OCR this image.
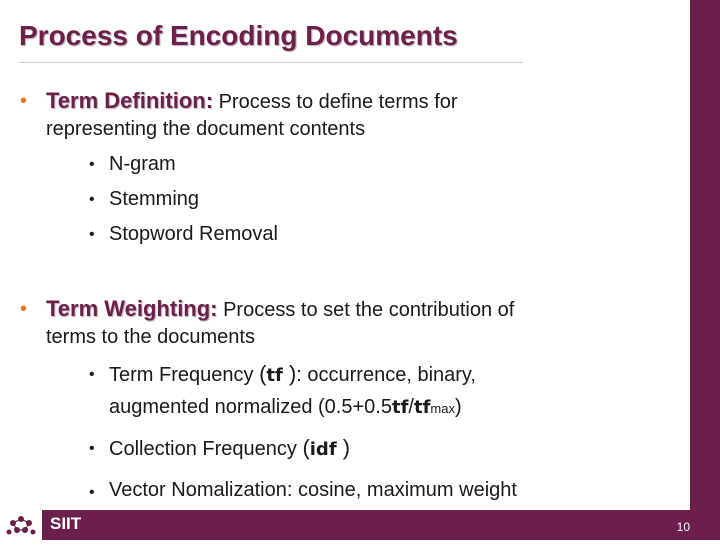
SIIT	10
Process of Encoding Documents
• Term Definition: Process to define terms for
representing the document contents
• N-gram
• Stemming
• Stopword Removal
• Term Weighting: Process to set the contribution of
terms to the documents
• Term Frequency (tf ): occurrence, binary,
augmented normalized (0.5+0.5tf/tfmax)
• Collection Frequency (idf )
• Vector Nomalization: cosine, maximum weight
